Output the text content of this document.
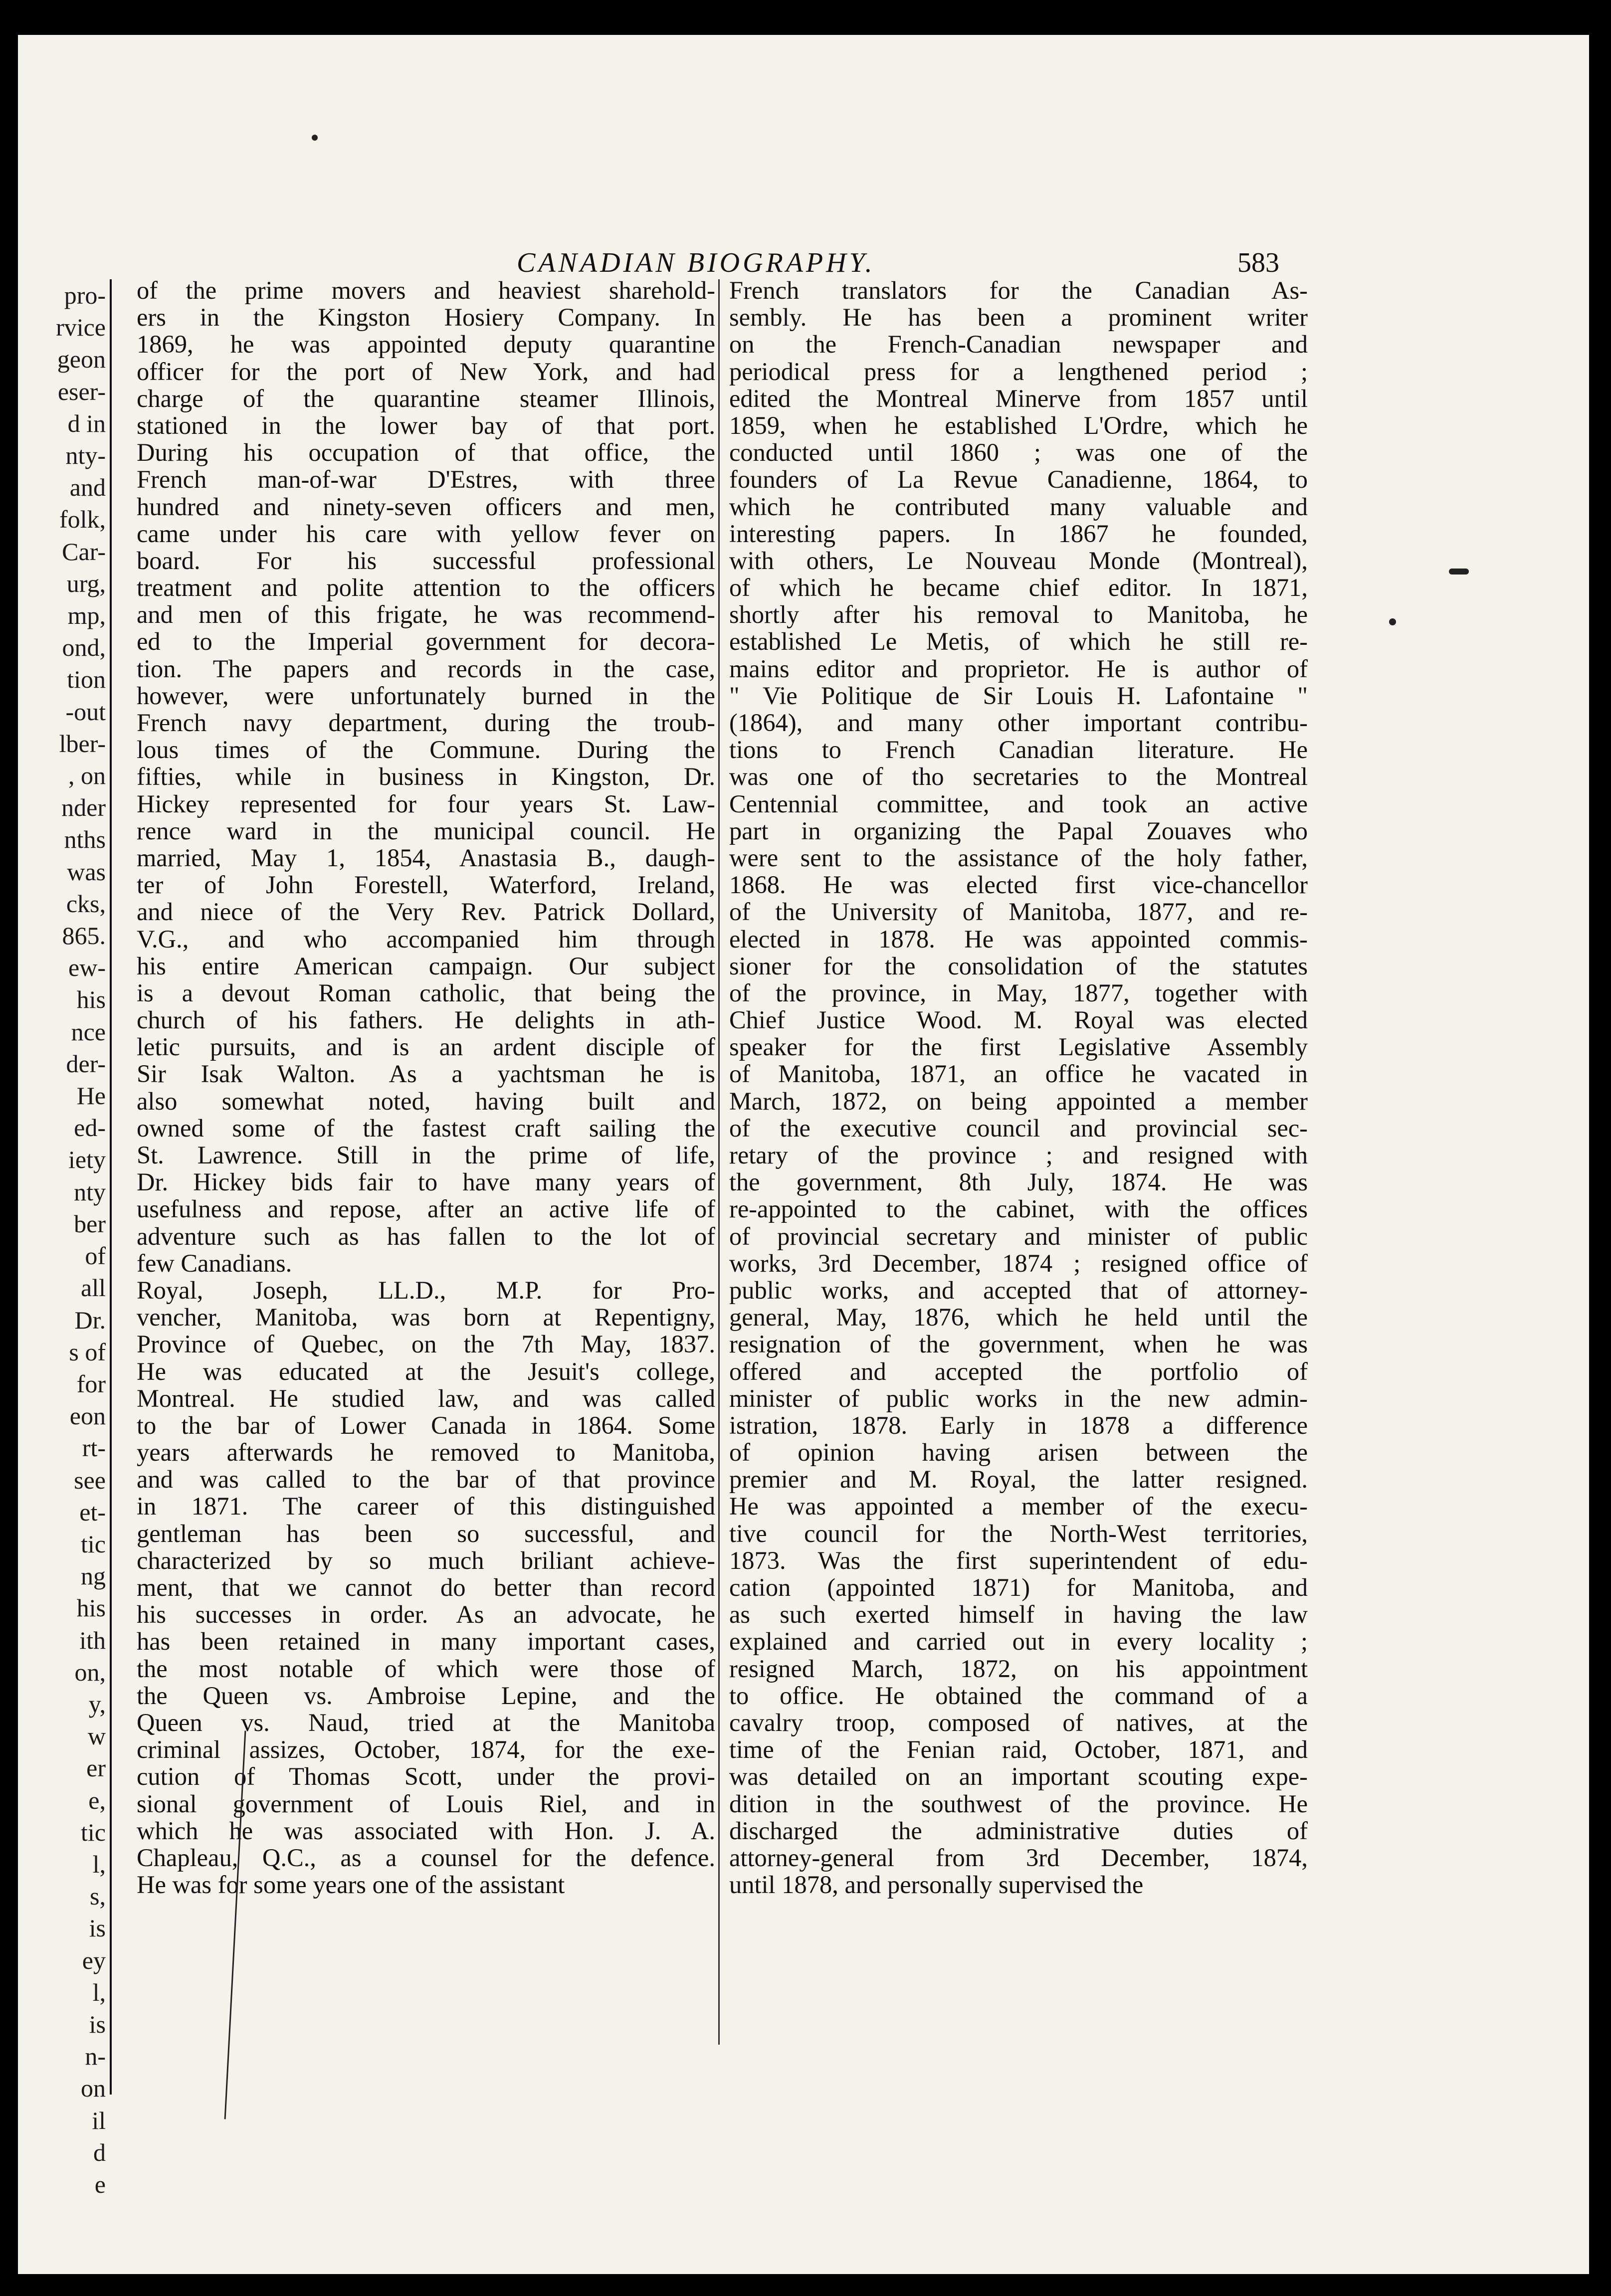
CANADIAN BIOGRAPHY.	583
pro-
rvice
geon
eser-
d in
nty-
and
folk,
Car-
urg,
mp,
ond,
tion
-out
lber-
, on
nder
nths
was
cks,
865.
ew-
his
nce
der-
He
ed-
iety
nty
ber
of
all
Dr.
s of
for
eon
rt-
see
et-
tic
ng
his
ith
on,
y,
w
er
e,
tic
l,
s,
is
ey
l,
is
n-
on
il
d
e
of the prime movers and heaviest sharehold-
ers in the Kingston Hosiery Company. In
1869, he was appointed deputy quarantine
officer for the port of New York, and had
charge of the quarantine steamer Illinois,
stationed in the lower bay of that port.
During his occupation of that office, the
French man-of-war D'Estres, with three
hundred and ninety-seven officers and men,
came under his care with yellow fever on
board. For his successful professional
treatment and polite attention to the officers
and men of this frigate, he was recommend-
ed to the Imperial government for decora-
tion. The papers and records in the case,
however, were unfortunately burned in the
French navy department, during the troub-
lous times of the Commune. During the
fifties, while in business in Kingston, Dr.
Hickey represented for four years St. Law-
rence ward in the municipal council. He
married, May 1, 1854, Anastasia B., daugh-
ter of John Forestell, Waterford, Ireland,
and niece of the Very Rev. Patrick Dollard,
V.G., and who accompanied him through
his entire American campaign. Our subject
is a devout Roman catholic, that being the
church of his fathers. He delights in ath-
letic pursuits, and is an ardent disciple of
Sir Isak Walton. As a yachtsman he is
also somewhat noted, having built and
owned some of the fastest craft sailing the
St. Lawrence. Still in the prime of life,
Dr. Hickey bids fair to have many years of
usefulness and repose, after an active life of
adventure such as has fallen to the lot of
few Canadians.
Royal, Joseph, LL.D., M.P. for Pro-
vencher, Manitoba, was born at Repentigny,
Province of Quebec, on the 7th May, 1837.
He was educated at the Jesuit's college,
Montreal. He studied law, and was called
to the bar of Lower Canada in 1864. Some
years afterwards he removed to Manitoba,
and was called to the bar of that province
in 1871. The career of this distinguished
gentleman has been so successful, and
characterized by so much briliant achieve-
ment, that we cannot do better than record
his successes in order. As an advocate, he
has been retained in many important cases,
the most notable of which were those of
the Queen vs. Ambroise Lepine, and the
Queen vs. Naud, tried at the Manitoba
criminal assizes, October, 1874, for the exe-
cution of Thomas Scott, under the provi-
sional government of Louis Riel, and in
which he was associated with Hon. J. A.
Chapleau, Q.C., as a counsel for the defence.
He was for some years one of the assistant
French translators for the Canadian As-
sembly. He has been a prominent writer
on the French-Canadian newspaper and
periodical press for a lengthened period ;
edited the Montreal Minerve from 1857 until
1859, when he established L'Ordre, which he
conducted until 1860 ; was one of the
founders of La Revue Canadienne, 1864, to
which he contributed many valuable and
interesting papers. In 1867 he founded,
with others, Le Nouveau Monde (Montreal),
of which he became chief editor. In 1871,
shortly after his removal to Manitoba, he
established Le Metis, of which he still re-
mains editor and proprietor. He is author of
" Vie Politique de Sir Louis H. Lafontaine "
(1864), and many other important contribu-
tions to French Canadian literature. He
was one of tho secretaries to the Montreal
Centennial committee, and took an active
part in organizing the Papal Zouaves who
were sent to the assistance of the holy father,
1868. He was elected first vice-chancellor
of the University of Manitoba, 1877, and re-
elected in 1878. He was appointed commis-
sioner for the consolidation of the statutes
of the province, in May, 1877, together with
Chief Justice Wood. M. Royal was elected
speaker for the first Legislative Assembly
of Manitoba, 1871, an office he vacated in
March, 1872, on being appointed a member
of the executive council and provincial sec-
retary of the province ; and resigned with
the government, 8th July, 1874. He was
re-appointed to the cabinet, with the offices
of provincial secretary and minister of public
works, 3rd December, 1874 ; resigned office of
public works, and accepted that of attorney-
general, May, 1876, which he held until the
resignation of the government, when he was
offered and accepted the portfolio of
minister of public works in the new admin-
istration, 1878. Early in 1878 a difference
of opinion having arisen between the
premier and M. Royal, the latter resigned.
He was appointed a member of the execu-
tive council for the North-West territories,
1873. Was the first superintendent of edu-
cation (appointed 1871) for Manitoba, and
as such exerted himself in having the law
explained and carried out in every locality ;
resigned March, 1872, on his appointment
to office. He obtained the command of a
cavalry troop, composed of natives, at the
time of the Fenian raid, October, 1871, and
was detailed on an important scouting expe-
dition in the southwest of the province. He
discharged the administrative duties of
attorney-general from 3rd December, 1874,
until 1878, and personally supervised the
